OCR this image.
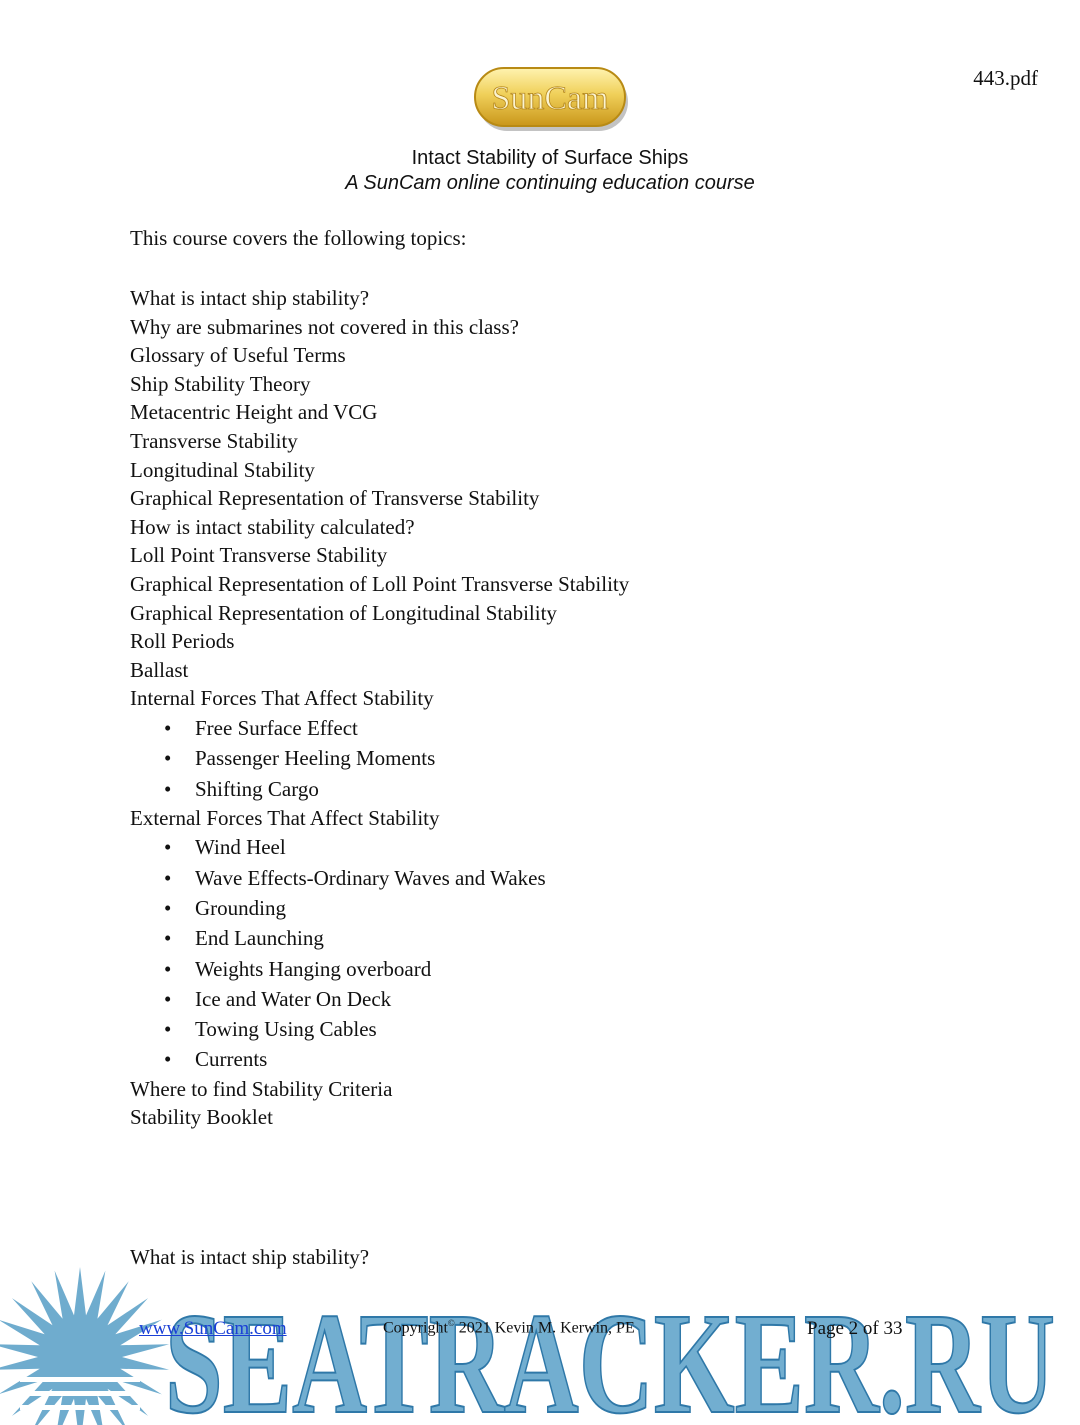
443.pdf
SunCam
Intact Stability of Surface Ships
A SunCam online continuing education course
This course covers the following topics:
What is intact ship stability?
Why are submarines not covered in this class?
Glossary of Useful Terms
Ship Stability Theory
Metacentric Height and VCG
Transverse Stability
Longitudinal Stability
Graphical Representation of Transverse Stability
How is intact stability calculated?
Loll Point Transverse Stability
Graphical Representation of Loll Point Transverse Stability
Graphical Representation of Longitudinal Stability
Roll Periods
Ballast
Internal Forces That Affect Stability
• Free Surface Effect
• Passenger Heeling Moments
• Shifting Cargo
External Forces That Affect Stability
• Wind Heel
• Wave Effects-Ordinary Waves and Wakes
• Grounding
• End Launching
• Weights Hanging overboard
• Ice and Water On Deck
• Towing Using Cables
• Currents
Where to find Stability Criteria
Stability Booklet
What is intact ship stability?
SEATRACKER.RU
www.SunCam.com	Copyright© 2021 Kevin M. Kerwin, PE	Page 2 of 33
